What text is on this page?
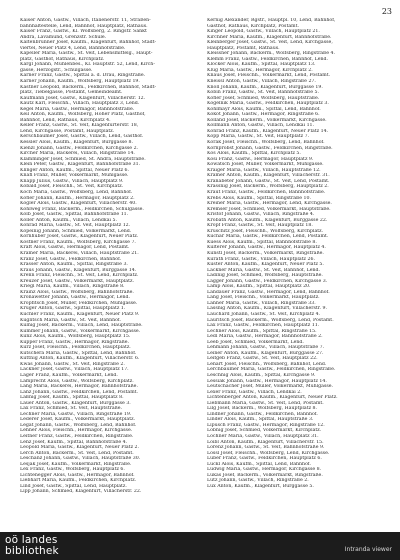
23

Kaiser Anton, Gastw., Villach, Italienerstr. 11, Straßen-

bahnhaltestelle, Lend, Bahnhof, Hauptplatz, Rathaus.

Kaiser Franz, Gastw., Kl. Wolfsberg, 2. Ringstr. Sankt

Andrä, Lavamünd, Grenzstr. Schule.

Kaltenbrunner Josef, Kaufm., Klagenfurt, Bahnhof, Stadt-

viertel, Neuer Platz 4, Lend, Bahnhofstraße.

Kapeller Maria, Gastw., St. Veit, Lebensmittelg., Haupt-

platz, Gasthof, Rathaus, Kirchplatz.

Kargl Johann, Mühlenbes., Kl. Hauptstr. 52, Lend, Kirch-

gasse, Herzogstr., Schulgasse.

Karner Franz, Gastw., Spittal a. d. Drau, Ringstraße.

Karner Johann, Kaufm., Wolfsberg, Hauptplatz 19.

Kastner Leopold, Bäckerm., Feldkirchen, Bahnhof, Stadt-

platz, Tiebelgasse, Postamt, Gemeindeamt.

Kaufmann Josef, Gastw., Klagenfurt, Villacherstr. 12.

Kautz Karl, Fleischh., Villach, Hauptplatz 3, Lend.

Kegel Maria, Gastw., Hermagor, Bahnhofstraße.

Keil Anton, Kaufm., Wolfsberg, Hoher Platz, Gasthof,

Bahnhof, Lend, Rathaus, Kirchplatz 4.

Keller Franz, Gastw., St. Veit, Klagenfurterstr. 18,

Lend, Kirchgasse, Postamt, Hauptplatz.

Kerschbaumer Josef, Gastw., Villach, Lend, Gasthof.

Kessler Alois, Kaufm., Klagenfurt, Burggasse 8.

Kienzl Johann, Gastw., Feldkirchen, Kirchgasse 2.

Kircher Maria, Bäckerei, Villach, Ringstraße 14.

Klamminger Josef, Schmied, St. Andrä, Hauptstraße.

Klein Peter, Gastw., Klagenfurt, Bahnhofstraße 31.

Klinger Anton, Kaufm., Spittal, Neuer Platz 6.

Knafl Franz, Müller, Völkermarkt, Mühlgasse.

Knapp Julius, Gastw., Villach, Hauptplatz 9.

Kobald Josef, Fleischh., St. Veit, Kirchplatz.

Koch Maria, Gastw., Wolfsberg, Lend, Bahnhof.

Kofler Johann, Kaufm., Hermagor, Hauptplatz 2.

Kogler Alois, Gastw., Klagenfurt, Villacherstr. 40.

Kohlweg Franz, Bäckerm., Feldkirchen, Schulgasse.

Kolb Josef, Gastw., Spittal, Bahnhofstraße 11.

Koller Anton, Kaufm., Villach, Lendkai 5.

Konrad Maria, Gastw., St. Veit, Hauptplatz 12.

Kopeinig Johann, Schmied, Völkermarkt, Lend.

Kornhuber Josef, Gastw., Klagenfurt, Neuer Platz.

Kostner Franz, Kaufm., Wolfsberg, Kirchgasse 7.

Kraft Alois, Gastw., Hermagor, Lend, Postamt.

Kramer Maria, Bäckerei, Villach, Hauptstraße 21.

Kranz Josef, Gastw., Feldkirchen, Bahnhof.

Krasser Anton, Kaufm., Spittal, Ringstraße 3.

Kraus Johann, Gastw., Klagenfurt, Burggasse 14.

Krenn Franz, Fleischh., St. Veit, Lend, Kirchplatz.

Kreuzer Josef, Gastw., Völkermarkt, Hauptplatz.

Kriegl Maria, Kaufm., Villach, Ringstraße 8.

Krainz Alois, Gastw., Wolfsberg, Bahnhofstraße.

Kronawetter Johann, Gastw., Hermagor, Lend.

Kropfitsch Josef, Müller, Feldkirchen, Mühlgasse.

Kruger Anton, Gastw., Spittal, Hauptplatz 1.

Kuchler Franz, Kaufm., Klagenfurt, Neuer Platz 9.

Kuglitsch Maria, Gastw., St. Veit, Bahnhof.

Kulnig Josef, Bäckerm., Villach, Lend, Hauptstraße.

Kummer Johann, Gastw., Völkermarkt, Kirchgasse.

Kunz Alois, Kaufm., Wolfsberg, Hauptplatz 15.

Kupper Franz, Gastw., Hermagor, Ringstraße.

Kurz Josef, Fleischh., Feldkirchen, Hauptplatz.

Kutschera Maria, Gastw., Spittal, Lend, Bahnhof.

Kuttnig Anton, Kaufm., Klagenfurt, Villacherstr. 6.

Kwas Johann, Gastw., St. Veit, Ringstraße 2.

Lackner Josef, Gastw., Villach, Hauptplatz 17.

Lager Franz, Kaufm., Völkermarkt, Lend.

Lamprecht Alois, Gastw., Wolfsberg, Kirchplatz.

Lang Maria, Bäckerei, Hermagor, Bahnhofstraße.

Lanz Johann, Gastw., Feldkirchen, Lend, Postamt.

Laßnig Josef, Kaufm., Spittal, Hauptplatz 8.

Lauer Anton, Gastw., Klagenfurt, Burggasse 3.

Lax Franz, Schmied, St. Veit, Hauptstraße.

Lechner Maria, Gastw., Villach, Ringstraße 19.

Lederer Josef, Kaufm., Völkermarkt, Hauptplatz.

Legat Johann, Gastw., Wolfsberg, Lend, Bahnhof.

Lehner Alois, Fleischh., Hermagor, Kirchgasse.

Leitner Franz, Gastw., Feldkirchen, Ringstraße.

Lenz Josef, Kaufm., Spittal, Bahnhofstraße 4.

Leopold Maria, Gastw., Klagenfurt, Neuer Platz 2.

Lerch Anton, Bäckerm., St. Veit, Lend, Postamt.

Leschanz Johann, Gastw., Villach, Hauptstraße 30.

Lesjak Josef, Kaufm., Völkermarkt, Ringstraße.

Lex Franz, Gastw., Wolfsberg, Hauptplatz 6.

Lichtenegger Alois, Gastw., Hermagor, Bahnhof.

Liebhart Maria, Kaufm., Feldkirchen, Kirchplatz.

Lind Josef, Gastw., Spittal, Lend, Hauptplatz.

Lipp Johann, Schmied, Klagenfurt, Villacherstr. 22.

Kernig Alexander, Rgstr., Hauptpl. 10, Lend, Bahnhof,

Gasthof, Rathaus, Kirchplatz, Postamt.

Kinger Leopold, Gastw., Villach, Hauptplatz 21.

Kirchner Maria, Kaufm., Klagenfurt, Bahnhofstraße.

Kleinberger Josef, Gastw., St. Veit, Lend, Kirchgasse,

Hauptplatz, Postamt, Rathaus.

Kleissner Johann, Bäckerm., Wolfsberg, Ringstraße 4.

Klemm Franz, Gastw., Feldkirchen, Bahnhof, Lend.

Klocker Alois, Kaufm., Spittal, Hauptplatz 13.

Klug Maria, Gastw., Hermagor, Kirchplatz 2.

Knaus Josef, Fleischh., Völkermarkt, Lend, Postamt.

Kneissl Anton, Gastw., Villach, Ringstraße 27.

Knoll Johann, Kaufm., Klagenfurt, Burggasse 19.

Kobin Franz, Gastw., St. Veit, Bahnhofstraße 5.

Kofler Josef, Schmied, Wolfsberg, Hauptstraße.

Kogelnik Maria, Gastw., Feldkirchen, Hauptplatz 3.

Kohlmayr Alois, Kaufm., Spittal, Lend, Bahnhof.

Kokot Johann, Gastw., Hermagor, Ringstraße 6.

Kolland Josef, Bäckerm., Völkermarkt, Kirchgasse.

Kollmann Anton, Gastw., Villach, Lendkai 11.

Konrad Franz, Kaufm., Klagenfurt, Neuer Platz 14.

Kopp Maria, Gastw., St. Veit, Hauptplatz 7.

Korak Josef, Fleischh., Wolfsberg, Lend, Bahnhof.

Kornprobst Johann, Gastw., Feldkirchen, Ringstraße.

Kos Alois, Kaufm., Spittal, Kirchplatz 5.

Kosi Franz, Gastw., Hermagor, Hauptplatz 9.

Kowatsch Josef, Müller, Völkermarkt, Mühlgasse.

Kraiger Maria, Gastw., Villach, Hauptstraße 12.

Kramer Anton, Kaufm., Klagenfurt, Villacherstr. 31.

Kranabeter Johann, Gastw., St. Veit, Lend, Postamt.

Krassnig Josef, Bäckerm., Wolfsberg, Hauptplatz 2.

Kraut Franz, Gastw., Feldkirchen, Bahnhofstraße.

Krebs Alois, Kaufm., Spittal, Ringstraße 10.

Kreiner Maria, Gastw., Hermagor, Lend, Kirchgasse.

Kremser Josef, Schmied, Völkermarkt, Hauptstraße.

Kristof Johann, Gastw., Villach, Ringstraße 4.

Krobath Anton, Kaufm., Klagenfurt, Burggasse 22.

Kropf Franz, Gastw., St. Veit, Hauptplatz 18.

Kruschitz Josef, Fleischh., Wolfsberg, Kirchplatz.

Kuchar Maria, Gastw., Feldkirchen, Lend, Postamt.

Kuess Alois, Kaufm., Spittal, Bahnhofstraße 8.

Kulterer Johann, Gastw., Hermagor, Hauptplatz 4.

Kunstl Josef, Bäckerm., Völkermarkt, Ringstraße.

Kurath Franz, Gastw., Villach, Hauptplatz 26.

Kuster Anton, Kaufm., Klagenfurt, Neuer Platz 5.

Lackner Maria, Gastw., St. Veit, Bahnhof, Lend.

Ladinig Josef, Schmied, Wolfsberg, Hauptstraße.

Lagger Johann, Gastw., Feldkirchen, Kirchgasse 3.

Lamp Alois, Kaufm., Spittal, Hauptplatz 20.

Landauer Franz, Gastw., Hermagor, Lend, Bahnhof.

Lang Josef, Fleischh., Völkermarkt, Hauptplatz.

Lanner Maria, Gastw., Villach, Ringstraße 33.

Lassnig Anton, Kaufm., Klagenfurt, Villacherstr. 9.

Lauchard Johann, Gastw., St. Veit, Kirchplatz 4.

Lauritsch Josef, Bäckerm., Wolfsberg, Lend, Postamt.

Lax Franz, Gastw., Feldkirchen, Hauptplatz 11.

Lechner Alois, Kaufm., Spittal, Ringstraße 15.

Ledl Maria, Gastw., Hermagor, Bahnhofstraße 2.

Leeb Josef, Schmied, Völkermarkt, Lend.

Lehmann Johann, Gastw., Villach, Hauptstraße 7.

Leiner Anton, Kaufm., Klagenfurt, Burggasse 27.

Leitgeb Franz, Gastw., St. Veit, Hauptplatz 22.

Lenart Josef, Fleischh., Wolfsberg, Bahnhof, Lend.

Lerchbaumer Maria, Gastw., Feldkirchen, Ringstraße.

Leschnig Alois, Kaufm., Spittal, Kirchgasse 9.

Lessiak Johann, Gastw., Hermagor, Hauptplatz 14.

Leutschacher Josef, Müller, Völkermarkt, Mühlgasse.

Lexer Franz, Gastw., Villach, Lendkai 2.

Lichtenberger Anton, Kaufm., Klagenfurt, Neuer Platz.

Liebmann Maria, Gastw., St. Veit, Lend, Postamt.

Lilg Josef, Bäckerm., Wolfsberg, Hauptplatz 8.

Lindner Johann, Gastw., Feldkirchen, Bahnhof.

Linder Alois, Kaufm., Spittal, Hauptstraße 3.

Lipusch Franz, Gastw., Hermagor, Ringstraße 12.

Lobnig Josef, Schmied, Völkermarkt, Kirchplatz.

Lochner Maria, Gastw., Villach, Hauptplatz 31.

Loibl Anton, Kaufm., Klagenfurt, Villacherstr. 15.

Lorenz Johann, Gastw., St. Veit, Bahnhofstraße 9.

Lössl Josef, Fleischh., Wolfsberg, Lend, Kirchgasse.

Luber Franz, Gastw., Feldkirchen, Hauptplatz 6.

Lückl Alois, Kaufm., Spittal, Lend, Bahnhof.

Ludwig Maria, Gastw., Hermagor, Kirchgasse 8.

Lukas Josef, Bäckerm., Völkermarkt, Ringstraße.

Lutz Johann, Gastw., Villach, Ringstraße 2.

Lux Anton, Kaufm., Klagenfurt, Burggasse 5.

oö landes
bibliothek	Intranda viewer
